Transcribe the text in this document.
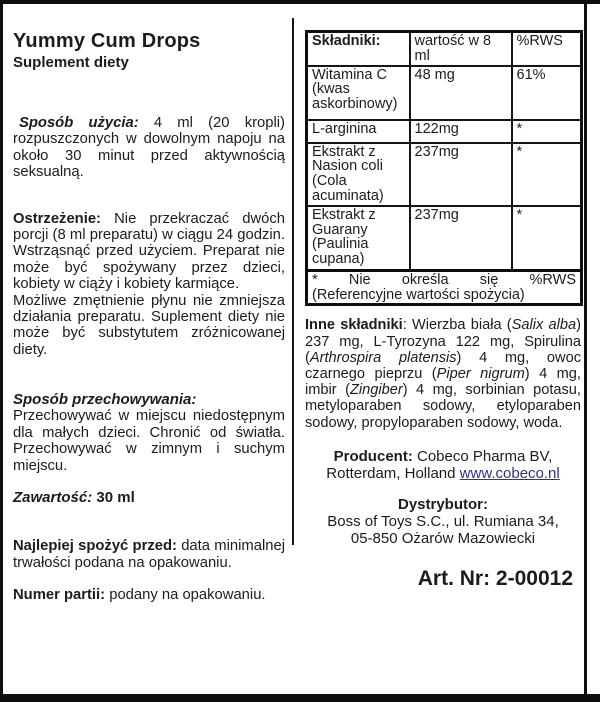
Yummy Cum Drops
Suplement diety

Sposób użycia: 4 ml (20 kropli) rozpuszczonych w dowolnym napoju na około 30 minut przed aktywnością seksualną.

Ostrzeżenie: Nie przekraczać dwóch porcji (8 ml preparatu) w ciągu 24 godzin. Wstrząsnąć przed użyciem. Preparat nie może być spożywany przez dzieci, kobiety w ciąży i kobiety karmiące.

Możliwe zmętnienie płynu nie zmniejsza działania preparatu. Suplement diety nie może być substytutem zróżnicowanej diety.

Sposób przechowywania:

Przechowywać w miejscu niedostępnym dla małych dzieci. Chronić od światła. Przechowywać w zimnym i suchym miejscu.

Zawartość: 30 ml

Najlepiej spożyć przed: data minimalnej trwałości podana na opakowaniu.

Numer partii: podany na opakowaniu.

Składniki:	wartość w 8 ml	%RWS
Witamina C (kwas askorbinowy)	48 mg	61%
L-arginina	122mg	*
Ekstrakt z Nasion coli (Cola acuminata)	237mg	*
Ekstrakt z Guarany (Paulinia cupana)	237mg	*

* Nie określa się %RWS
(Referencyjne wartości spożycia)		

Inne składniki: Wierzba biała (Salix alba) 237 mg, L-Tyrozyna 122 mg, Spirulina (Arthrospira platensis) 4 mg, owoc czarnego pieprzu (Piper nigrum) 4 mg, imbir (Zingiber) 4 mg, sorbinian potasu, metyloparaben sodowy, etyloparaben sodowy, propyloparaben sodowy, woda.

Producent: Cobeco Pharma BV, Rotterdam, Holland www.cobeco.nl
Dystrybutor:
Boss of Toys S.C., ul. Rumiana 34,
05-850 Ożarów Mazowiecki
Art. Nr: 2-00012
